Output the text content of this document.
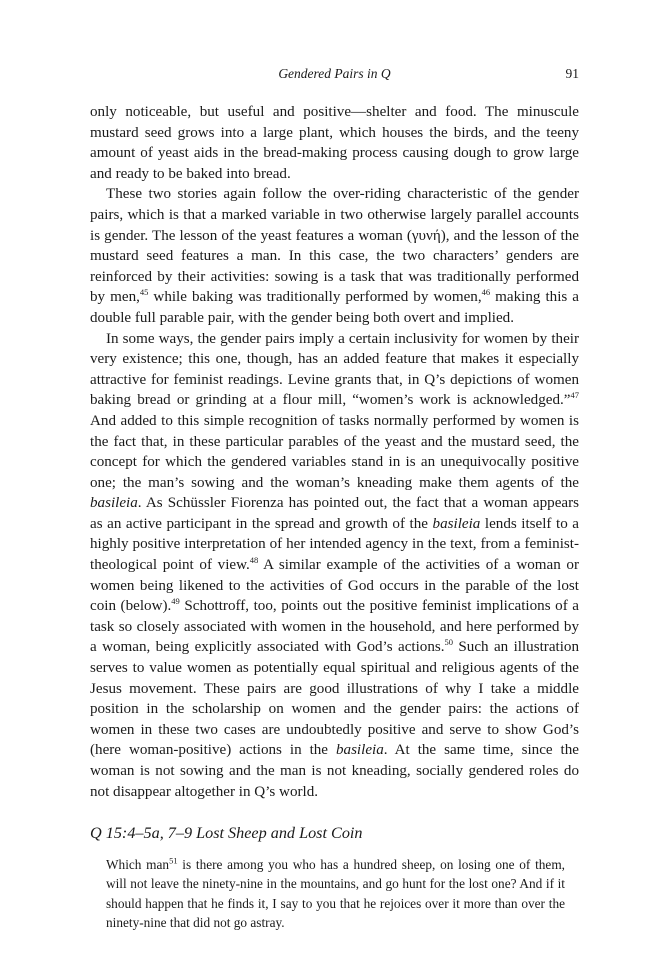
Gendered Pairs in Q	91

only noticeable, but useful and positive—shelter and food. The minuscule mustard seed grows into a large plant, which houses the birds, and the teeny amount of yeast aids in the bread-making process causing dough to grow large and ready to be baked into bread.

These two stories again follow the over-riding characteristic of the gender pairs, which is that a marked variable in two otherwise largely parallel accounts is gender. The lesson of the yeast features a woman (γυνή), and the lesson of the mustard seed features a man. In this case, the two characters’ genders are reinforced by their activities: sowing is a task that was traditionally performed by men,$^{45}$ while baking was traditionally performed by women,$^{46}$ making this a double full parable pair, with the gender being both overt and implied.

In some ways, the gender pairs imply a certain inclusivity for women by their very existence; this one, though, has an added feature that makes it especially attractive for feminist readings. Levine grants that, in Q’s depictions of women baking bread or grinding at a flour mill, “women’s work is acknowledged.”$^{47}$ And added to this simple recognition of tasks normally performed by women is the fact that, in these particular parables of the yeast and the mustard seed, the concept for which the gendered variables stand in is an unequivocally positive one; the man’s sowing and the woman’s kneading make them agents of the basileia. As Schüssler Fiorenza has pointed out, the fact that a woman appears as an active participant in the spread and growth of the basileia lends itself to a highly positive interpretation of her intended agency in the text, from a feminist-theological point of view.$^{48}$ A similar example of the activities of a woman or women being likened to the activities of God occurs in the parable of the lost coin (below).$^{49}$ Schottroff, too, points out the positive feminist implications of a task so closely associated with women in the household, and here performed by a woman, being explicitly associated with God’s actions.$^{50}$ Such an illustration serves to value women as potentially equal spiritual and religious agents of the Jesus movement. These pairs are good illustrations of why I take a middle position in the scholarship on women and the gender pairs: the actions of women in these two cases are undoubtedly positive and serve to show God’s (here woman-positive) actions in the basileia. At the same time, since the woman is not sowing and the man is not kneading, socially gendered roles do not disappear altogether in Q’s world.

Q 15:4–5a, 7–9 Lost Sheep and Lost Coin
Which man$^{51}$ is there among you who has a hundred sheep, on losing one of them, will not leave the ninety-nine in the mountains, and go hunt for the lost one? And if it should happen that he finds it, I say to you that he rejoices over it more than over the ninety-nine that did not go astray.
